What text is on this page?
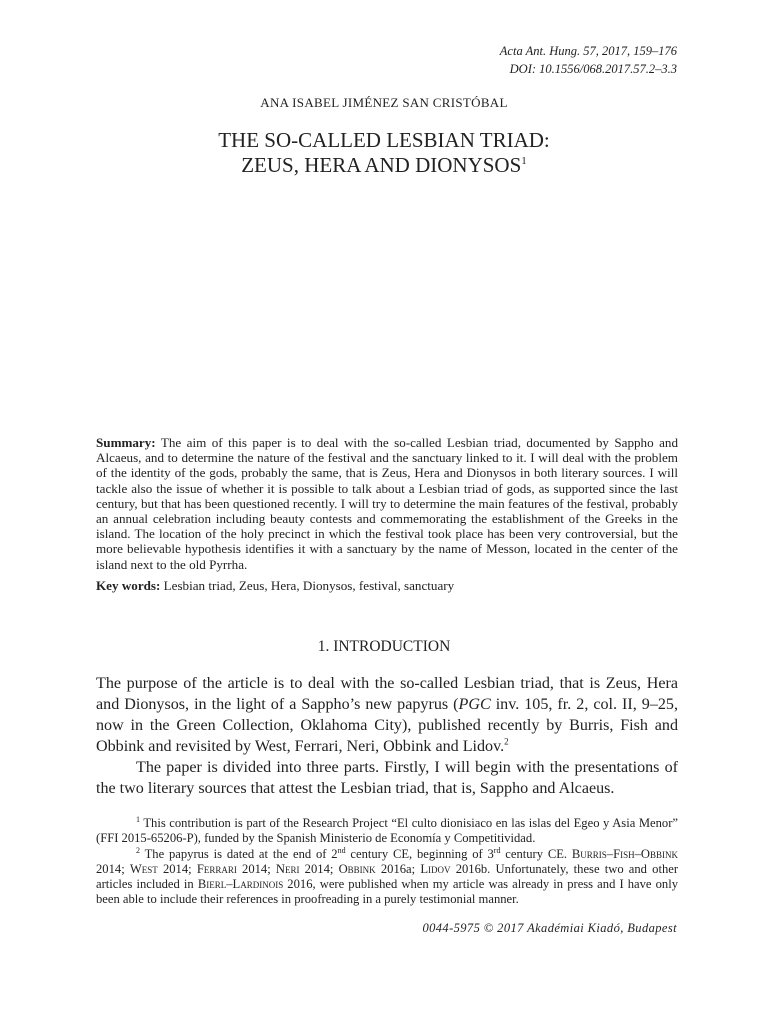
Acta Ant. Hung. 57, 2017, 159–176
DOI: 10.1556/068.2017.57.2–3.3
ANA ISABEL JIMÉNEZ SAN CRISTÓBAL
THE SO-CALLED LESBIAN TRIAD:
ZEUS, HERA AND DIONYSOS$^1$

Summary: The aim of this paper is to deal with the so-called Lesbian triad, documented by Sappho and Alcaeus, and to determine the nature of the festival and the sanctuary linked to it. I will deal with the problem of the identity of the gods, probably the same, that is Zeus, Hera and Dionysos in both literary sources. I will tackle also the issue of whether it is possible to talk about a Lesbian triad of gods, as supported since the last century, but that has been questioned recently. I will try to determine the main features of the festival, probably an annual celebration including beauty contests and commemorating the establishment of the Greeks in the island. The location of the holy precinct in which the festival took place has been very controversial, but the more believable hypothesis identifies it with a sanctuary by the name of Messon, located in the center of the island next to the old Pyrrha.

Key words: Lesbian triad, Zeus, Hera, Dionysos, festival, sanctuary

1. INTRODUCTION

The purpose of the article is to deal with the so-called Lesbian triad, that is Zeus, Hera and Dionysos, in the light of a Sappho’s new papyrus (PGC inv. 105, fr. 2, col. II, 9–25, now in the Green Collection, Oklahoma City), published recently by Burris, Fish and Obbink and revisited by West, Ferrari, Neri, Obbink and Lidov.$^2$

The paper is divided into three parts. Firstly, I will begin with the presentations of the two literary sources that attest the Lesbian triad, that is, Sappho and Alcaeus.

$^1$ This contribution is part of the Research Project “El culto dionisiaco en las islas del Egeo y Asia Menor” (FFI 2015-65206-P), funded by the Spanish Ministerio de Economía y Competitividad.

$^2$ The papyrus is dated at the end of 2nd century CE, beginning of 3rd century CE. Burris–Fish–Obbink 2014; West 2014; Ferrari 2014; Neri 2014; Obbink 2016a; Lidov 2016b. Unfortunately, these two and other articles included in Bierl–Lardinois 2016, were published when my article was already in press and I have only been able to include their references in proofreading in a purely testimonial manner.

0044-5975 © 2017 Akadémiai Kiadó, Budapest
